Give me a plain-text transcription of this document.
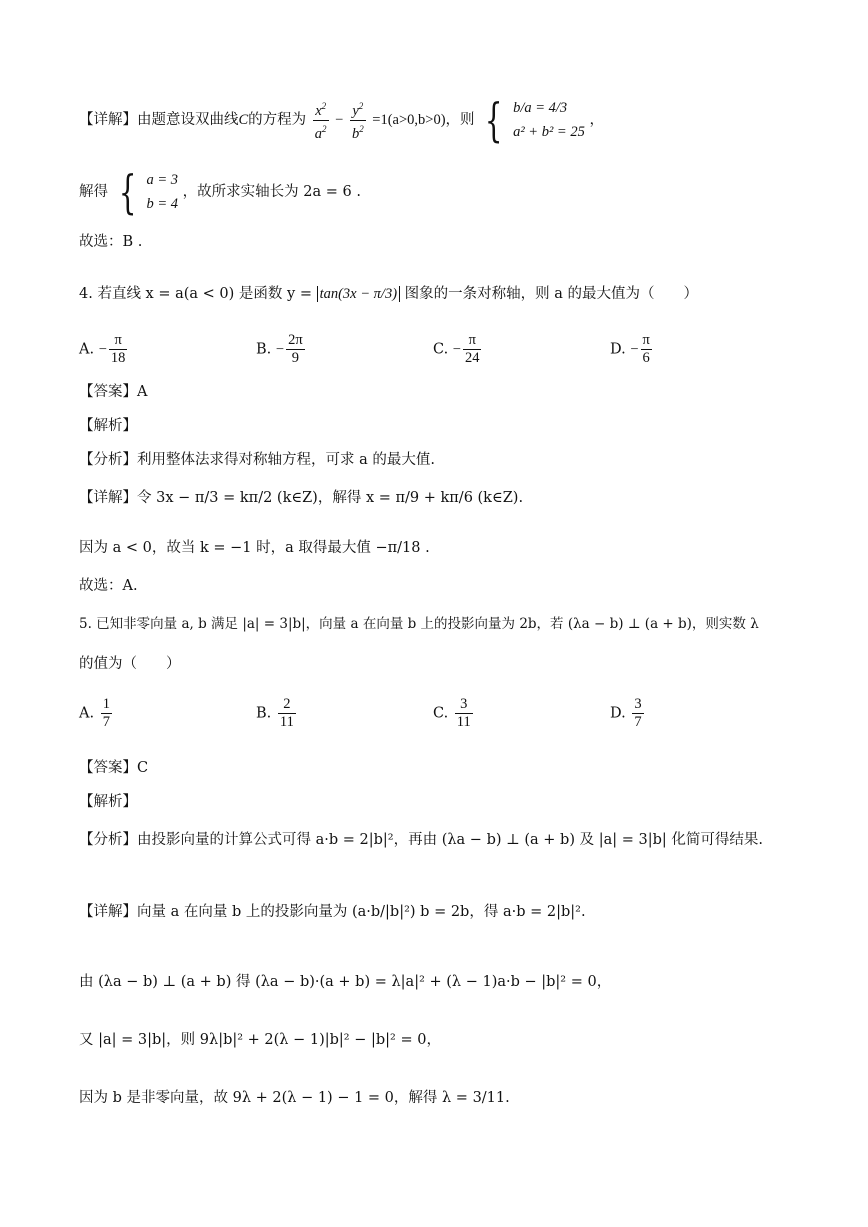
【详解】由题意设双曲线C的方程为 $\frac{x^2}{a^2} - \frac{y^2}{b^2} =1(a>0,b>0)$，则 { b/a = 4/3
a² + b² = 25
，
解得 { a = 3
b = 4
，故所求实轴长为 2a = 6 .
故选：B .
4. 若直线 x = a(a < 0) 是函数 y = tan(3x − π/3) 图象的一条对称轴，则 a 的最大值为（　　）
A. − $\frac{\pi}{18}$	B. − $\frac{2\pi}{9}$	C. − $\frac{\pi}{24}$	D. − $\frac{\pi}{6}$
【答案】A
【解析】
【分析】利用整体法求得对称轴方程，可求 a 的最大值.
【详解】令 3x − π/3 = kπ/2 (k∈Z)，解得 x = π/9 + kπ/6 (k∈Z).
因为 a < 0，故当 k = −1 时，a 取得最大值 −π/18 .
故选：A.
5. 已知非零向量 a, b 满足 |a| = 3|b|，向量 a 在向量 b 上的投影向量为 2b，若 (λa − b) ⊥ (a + b)，则实数 λ
的值为（　　）
A. $\frac{1}{7}$	B. $\frac{2}{11}$	C. $\frac{3}{11}$	D. $\frac{3}{7}$
【答案】C
【解析】
【分析】由投影向量的计算公式可得 a·b = 2|b|²，再由 (λa − b) ⊥ (a + b) 及 |a| = 3|b| 化简可得结果.
【详解】向量 a 在向量 b 上的投影向量为 (a·b/|b|²) b = 2b，得 a·b = 2|b|².
由 (λa − b) ⊥ (a + b) 得 (λa − b)·(a + b) = λ|a|² + (λ − 1)a·b − |b|² = 0，
又 |a| = 3|b|，则 9λ|b|² + 2(λ − 1)|b|² − |b|² = 0，
因为 b 是非零向量，故 9λ + 2(λ − 1) − 1 = 0，解得 λ = 3/11.
